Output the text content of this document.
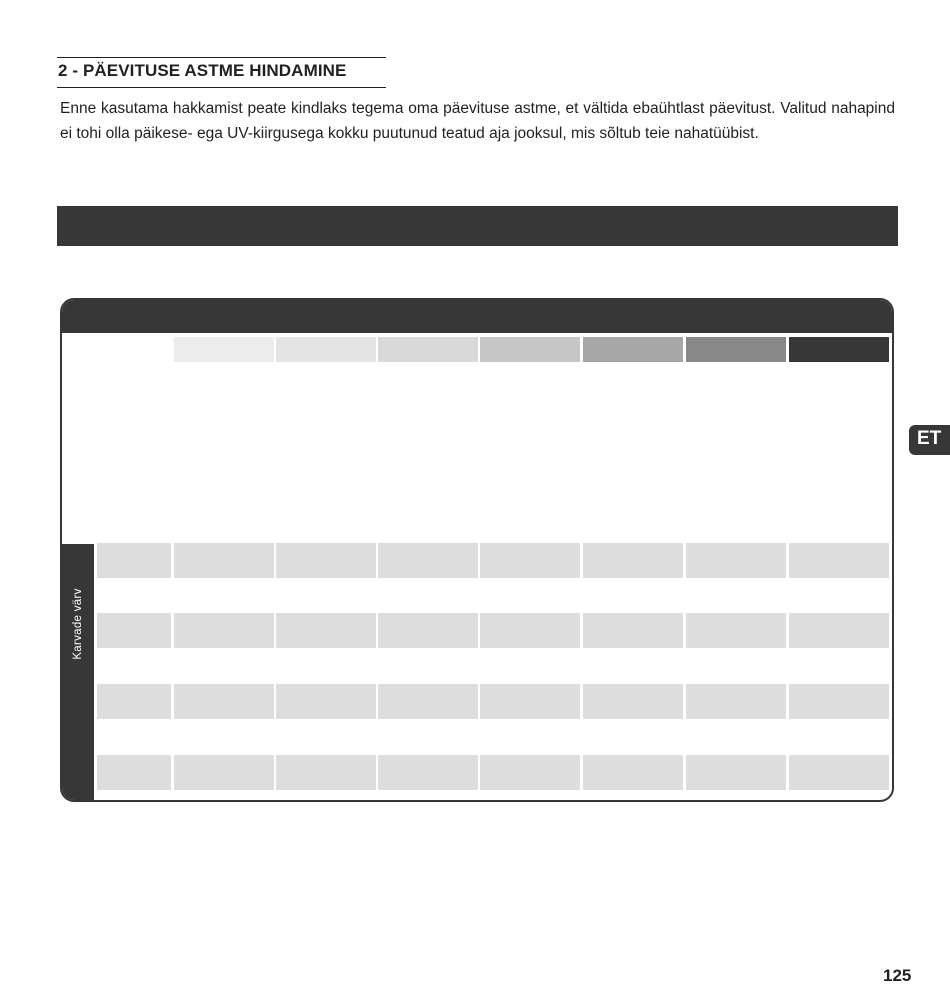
2 - PÄEVITUSE ASTME HINDAMINE
Enne kasutama hakkamist peate kindlaks tegema oma päevituse astme, et vältida ebaühtlast päevitust. Valitud nahapind ei tohi olla päikese- ega UV-kiirgusega kokku puutunud teatud aja jooksul, mis sõltub teie nahatüübist.
Karvade värv
ET
125
